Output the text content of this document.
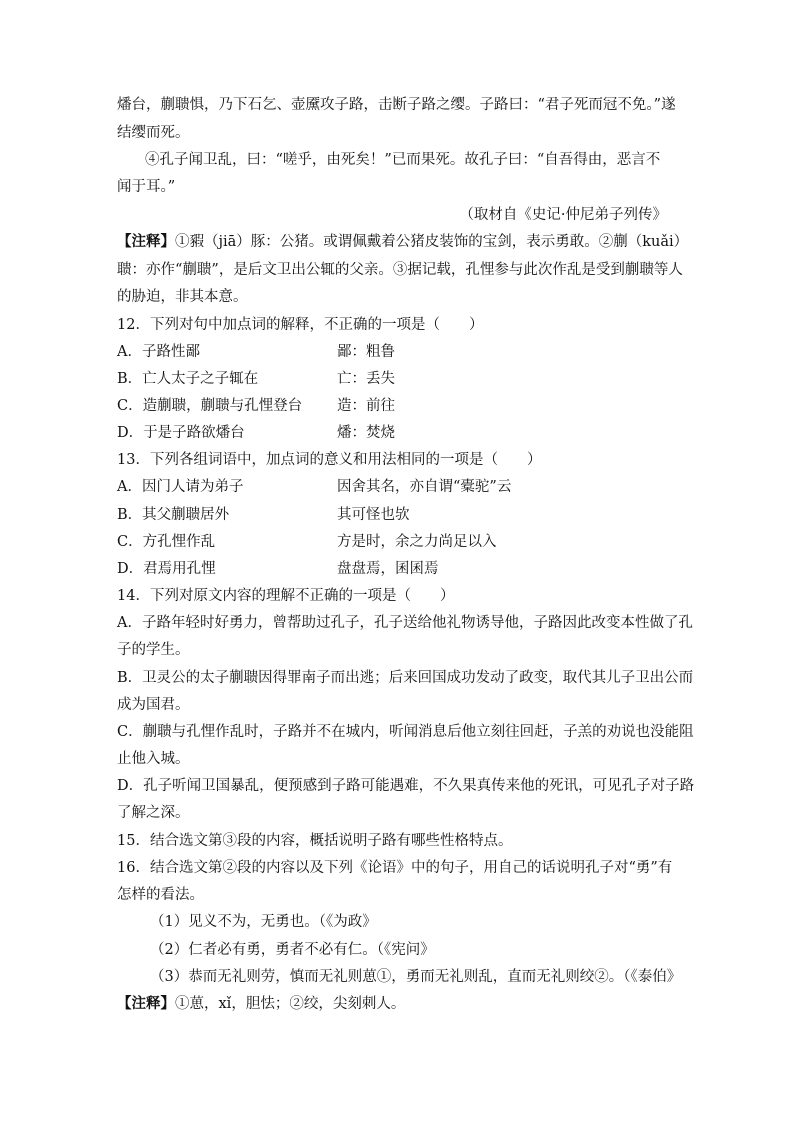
燔台，蒯聩惧，乃下石乞、壶黡攻子路，击断子路之缨。子路曰：“君子死而冠不免。”遂
结缨而死。
④孔子闻卫乱，曰：“嗟乎，由死矣！”已而果死。故孔子曰：“自吾得由，恶言不
闻于耳。”
（取材自《史记·仲尼弟子列传》
【注释】①豭（jiā）豚：公猪。或谓佩戴着公猪皮装饰的宝剑，表示勇敢。②蒯（kuǎi）
聩：亦作“蒯聩”，是后文卫出公辄的父亲。③据记载，孔悝参与此次作乱是受到蒯聩等人
的胁迫，非其本意。
12．下列对句中加点词的解释，不正确的一项是（　　）
A．子路性鄙	鄙：粗鲁
B．亡人太子之子辄在	亡：丢失
C．造蒯聩，蒯聩与孔悝登台 造：前往
D．于是子路欲燔台	燔：焚烧
13．下列各组词语中，加点词的意义和用法相同的一项是（　　）
A．因门人请为弟子	因舍其名，亦自谓“橐驼”云
B．其父蒯聩居外	其可怪也欤
C．方孔悝作乱	方是时，余之力尚足以入
D．君焉用孔悝	盘盘焉，囷囷焉
14．下列对原文内容的理解不正确的一项是（　　）
A．子路年轻时好勇力，曾帮助过孔子，孔子送给他礼物诱导他，子路因此改变本性做了孔
子的学生。
B．卫灵公的太子蒯聩因得罪南子而出逃；后来回国成功发动了政变，取代其儿子卫出公而
成为国君。
C．蒯聩与孔悝作乱时，子路并不在城内，听闻消息后他立刻往回赶，子羔的劝说也没能阻
止他入城。
D．孔子听闻卫国暴乱，便预感到子路可能遇难，不久果真传来他的死讯，可见孔子对子路
了解之深。
15．结合选文第③段的内容，概括说明子路有哪些性格特点。
16．结合选文第②段的内容以及下列《论语》中的句子，用自己的话说明孔子对“勇”有
怎样的看法。
（1）见义不为，无勇也。（《为政》
（2）仁者必有勇，勇者不必有仁。（《宪问》
（3）恭而无礼则劳，慎而无礼则葸①，勇而无礼则乱，直而无礼则绞②。（《泰伯》
【注释】①葸，xǐ，胆怯；②绞，尖刻刺人。
